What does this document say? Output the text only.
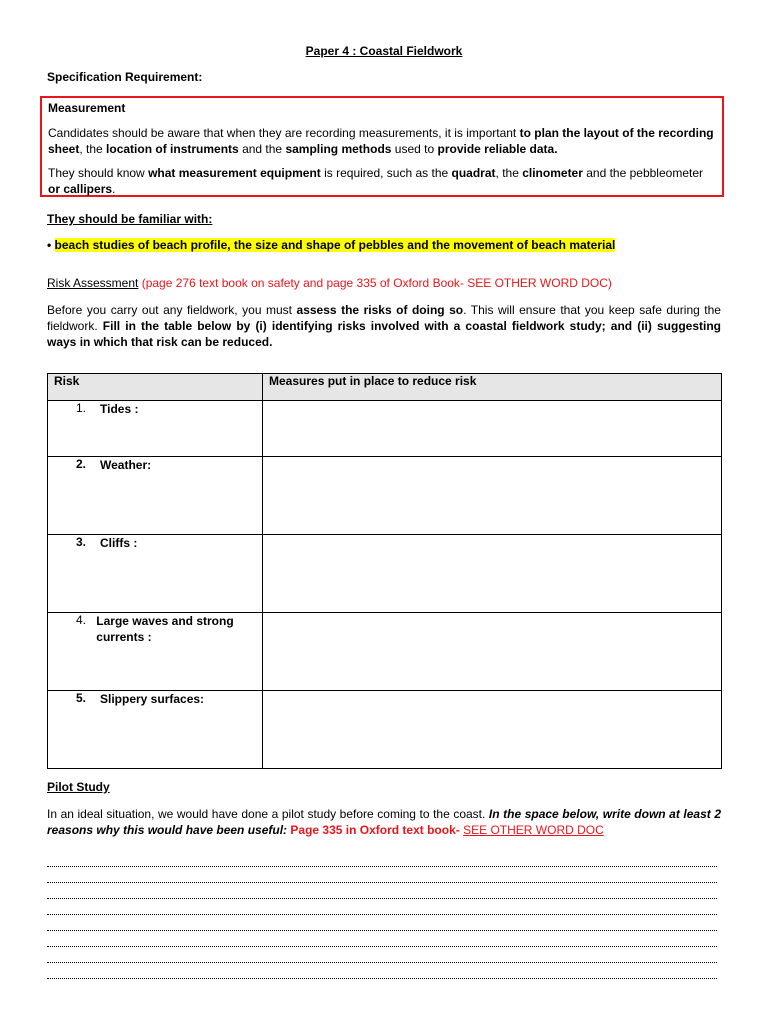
Paper 4 : Coastal Fieldwork
Specification Requirement:
Measurement

Candidates should be aware that when they are recording measurements, it is important to plan the layout of the recording sheet, the location of instruments and the sampling methods used to provide reliable data.

They should know what measurement equipment is required, such as the quadrat, the clinometer and the pebbleometer or callipers.

They should be familiar with:
• beach studies of beach profile, the size and shape of pebbles and the movement of beach material
Risk Assessment (page 276 text book on safety and page 335 of Oxford Book- SEE OTHER WORD DOC)
Before you carry out any fieldwork, you must assess the risks of doing so. This will ensure that you keep safe during the fieldwork. Fill in the table below by (i) identifying risks involved with a coastal fieldwork study; and (ii) suggesting ways in which that risk can be reduced.
Risk	Measures put in place to reduce risk

1. Tides :	

2. Weather:	

3. Cliffs :	

4. Large waves and strong currents :	

5. Slippery surfaces:	

Pilot Study
In an ideal situation, we would have done a pilot study before coming to the coast. In the space below, write down at least 2 reasons why this would have been useful: Page 335 in Oxford text book- SEE OTHER WORD DOC
